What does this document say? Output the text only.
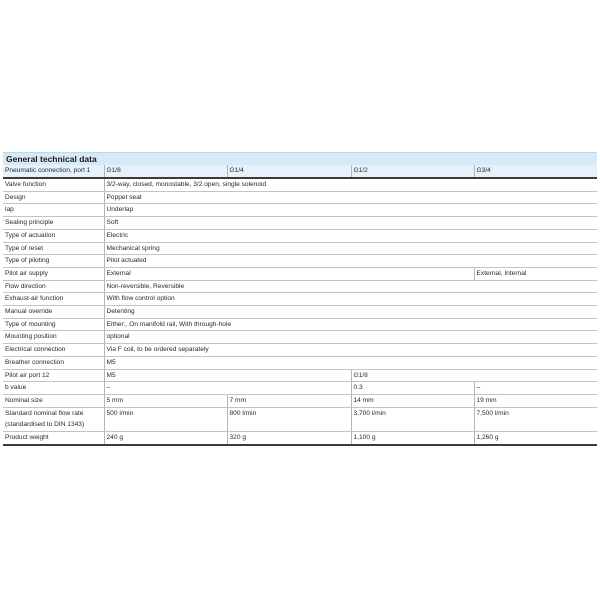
General technical data
Pneumatic connection, port 1	G1/8	G1/4	G1/2	G3/4
Valve function	3/2-way, closed, monostable, 3/2 open, single solenoid			
Design	Poppet seat			
lap	Underlap			
Sealing principle	Soft			
Type of actuation	Electric			
Type of reset	Mechanical spring			
Type of piloting	Pilot actuated			
Pilot air supply	External			External, Internal
Flow direction	Non-reversible, Reversible			
Exhaust-air function	With flow control option			
Manual override	Detenting			
Type of mounting	Either:, On manifold rail, With through-hole			
Mounting position	optional			
Electrical connection	Via F coil, to be ordered separately			
Breather connection	M5			
Pilot air port 12	M5		G1/8	
b value	–		0.3	–
Nominal size	5 mm	7 mm	14 mm	19 mm
Standard nominal flow rate (standardised to DIN 1343)	500 l/min	800 l/min	3,700 l/min	7,500 l/min
Product weight	240 g	320 g	1,100 g	1,260 g
